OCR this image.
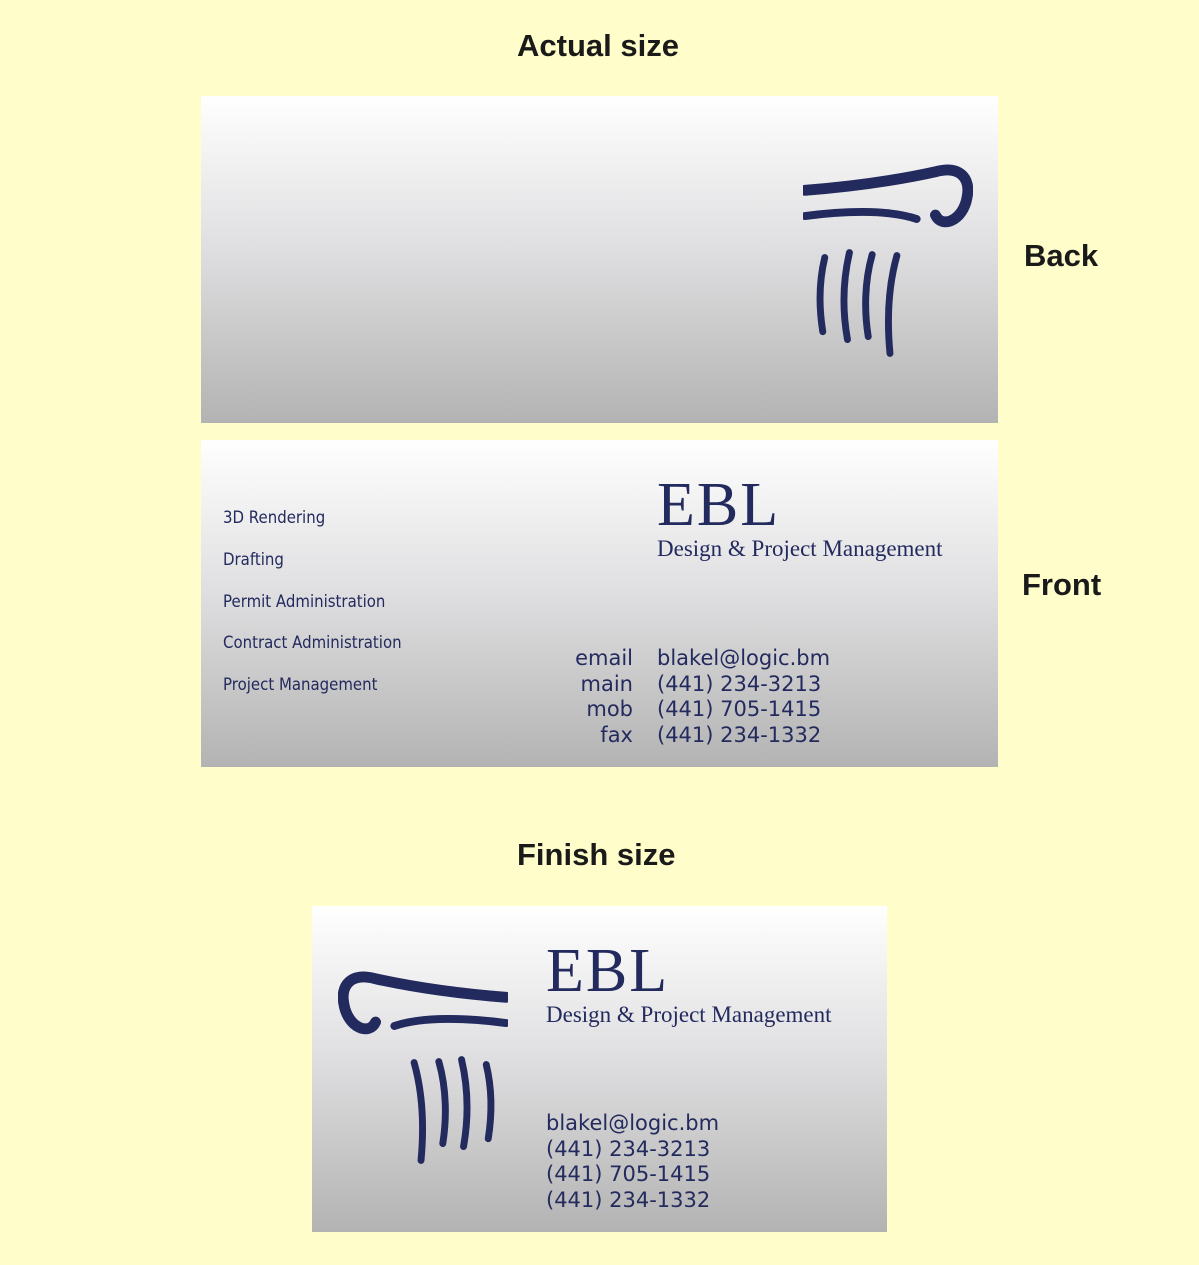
Actual size
Back
Front
Finish size
EBL
Design & Project Management
3D Rendering
Drafting
Permit Administration
Contract Administration
Project Management
email blakel@logic.bm
main (441) 234-3213
mob (441) 705-1415
fax (441) 234-1332
EBL
Design & Project Management
blakel@logic.bm
(441) 234-3213
(441) 705-1415
(441) 234-1332
